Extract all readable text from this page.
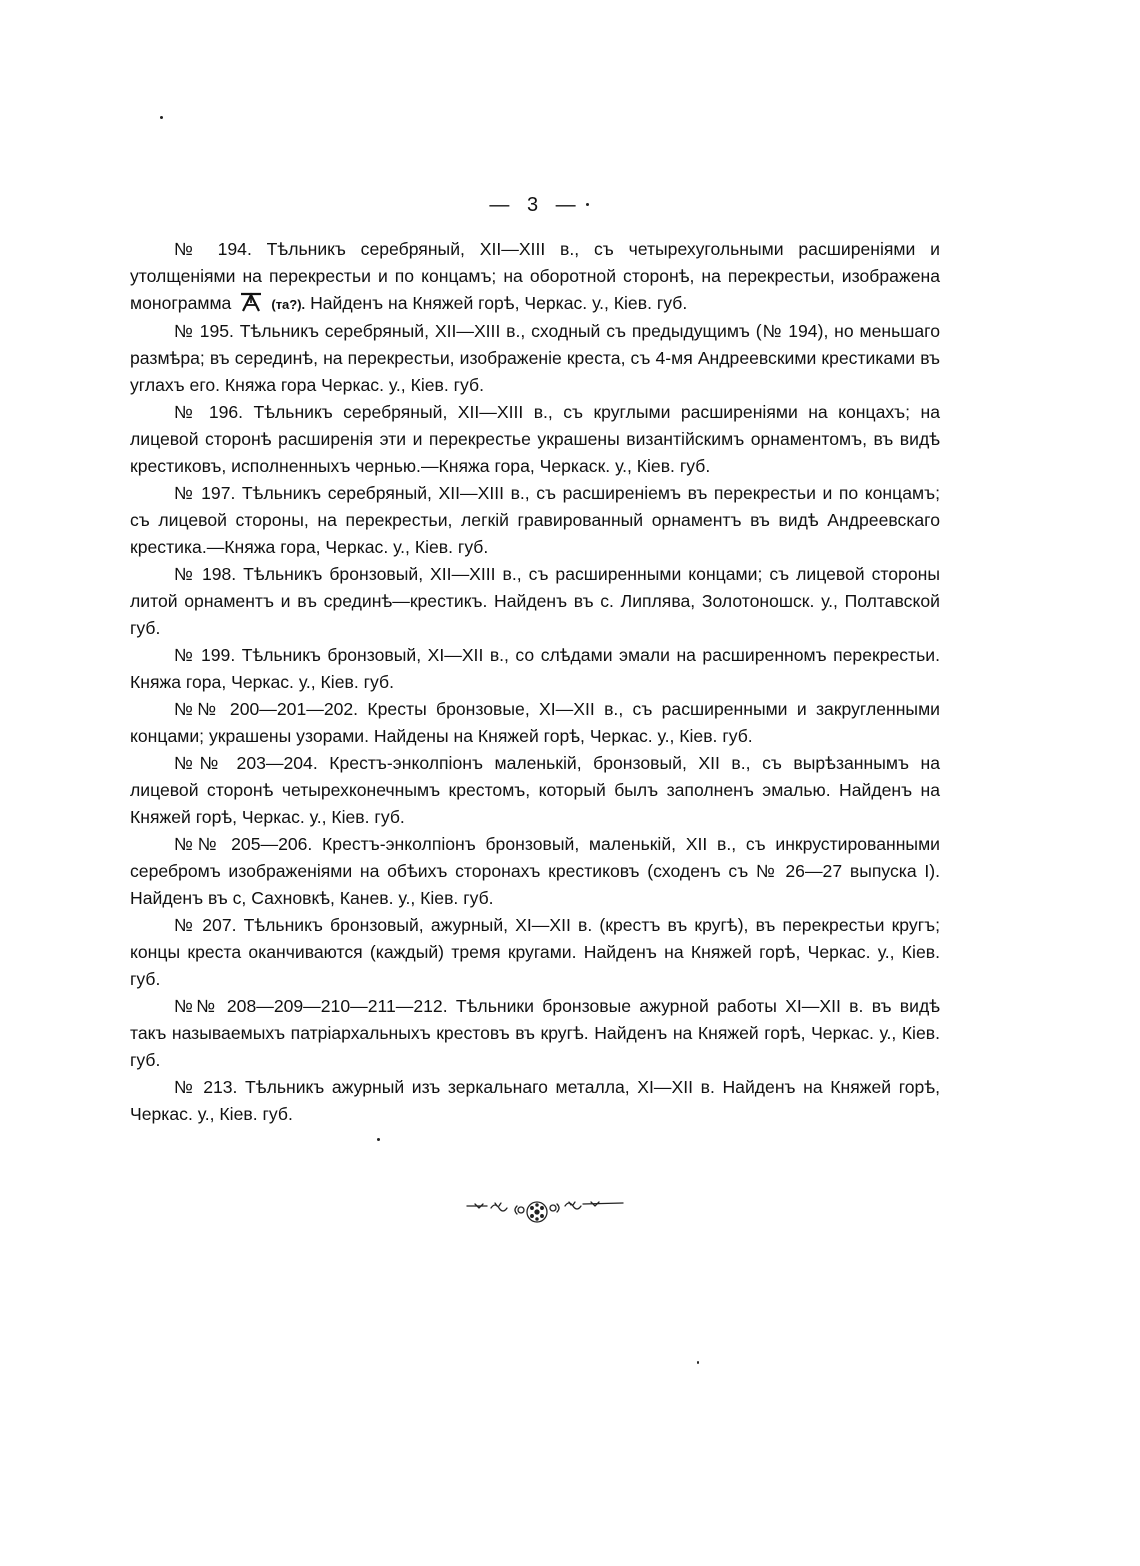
— 3 —

№ 194. Тѣльникъ серебряный, XII—XIII в., съ четырехугольными расширеніями и утолщеніями на перекрестьи и по концамъ; на оборотной сторонѣ, на перекрестьи, изображена монограмма	(тa?). Найденъ на Княжей горѣ, Черкас. у., Кіев. губ.

№ 195. Тѣльникъ серебряный, XII—XIII в., сходный съ предыдущимъ (№ 194), но меньшаго размѣра; въ серединѣ, на перекрестьи, изображеніе креста, съ 4-мя Андреевскими крестиками въ углахъ его. Княжа гора Черкас. у., Кіев. губ.

№ 196. Тѣльникъ серебряный, XII—XIII в., съ круглыми расширеніями на концахъ; на лицевой сторонѣ расширенія эти и перекрестье украшены византійскимъ орнаментомъ, въ видѣ крестиковъ, исполненныхъ чернью.—Княжа гора, Черкаск. у., Кіев. губ.

№ 197. Тѣльникъ серебряный, XII—XIII в., съ расширеніемъ въ перекрестьи и по концамъ; съ лицевой стороны, на перекрестьи, легкій гравированный орнаментъ въ видѣ Андреевскаго крестика.—Княжа гора, Черкас. у., Кіев. губ.

№ 198. Тѣльникъ бронзовый, XII—XIII в., съ расширенными концами; съ лицевой стороны литой орнаментъ и въ срединѣ—крестикъ. Найденъ въ с. Липлява, Золотоношск. у., Полтавской губ.

№ 199. Тѣльникъ бронзовый, XI—XII в., со слѣдами эмали на расширенномъ перекрестьи. Княжа гора, Черкас. у., Кіев. губ.

№№ 200—201—202. Кресты бронзовые, XI—XII в., съ расширенными и закругленными концами; украшены узорами. Найдены на Княжей горѣ, Черкас. у., Кіев. губ.

№№ 203—204. Крестъ-энколпіонъ маленькій, бронзовый, XII в., съ вырѣзаннымъ на лицевой сторонѣ четырехконечнымъ крестомъ, который былъ заполненъ эмалью. Найденъ на Княжей горѣ, Черкас. у., Кіев. губ.

№№ 205—206. Крестъ-энколпіонъ бронзовый, маленькій, XII в., съ инкрустированными серебромъ изображеніями на обѣихъ сторонахъ крестиковъ (сходенъ съ № 26—27 выпуска I). Найденъ въ с, Сахновкѣ, Канев. у., Кіев. губ.

№ 207. Тѣльникъ бронзовый, ажурный, XI—XII в. (крестъ въ кругѣ), въ перекрестьи кругъ; концы креста оканчиваются (каждый) тремя кругами. Найденъ на Княжей горѣ, Черкас. у., Кіев. губ.

№№ 208—209—210—211—212. Тѣльники бронзовые ажурной работы XI—XII в. въ видѣ такъ называемыхъ патріархальныхъ крестовъ въ кругѣ. Найденъ на Княжей горѣ, Черкас. у., Кіев. губ.

№ 213. Тѣльникъ ажурный изъ зеркальнаго металла, XI—XII в. Найденъ на Княжей горѣ, Черкас. у., Кіев. губ.
